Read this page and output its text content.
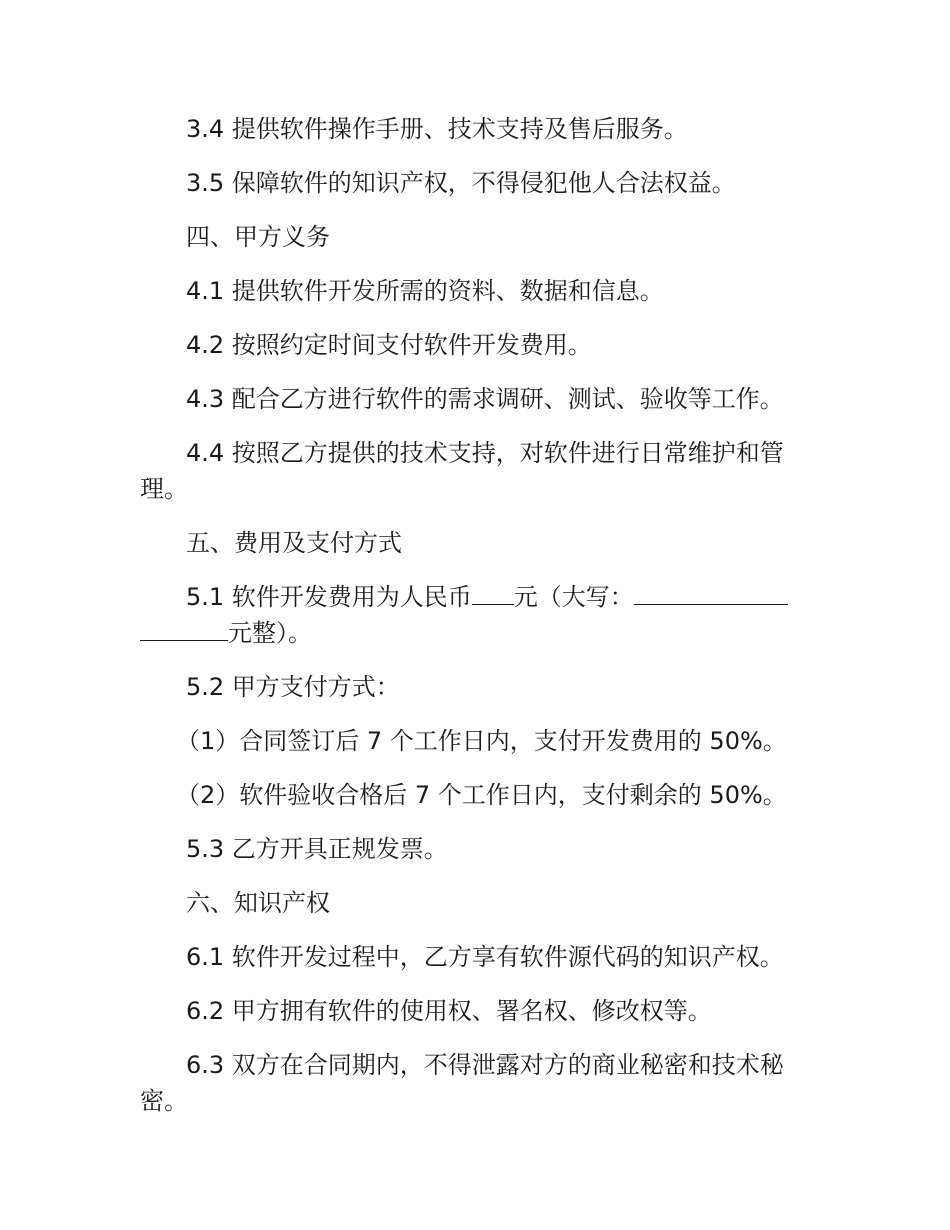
3.4 提供软件操作手册、技术支持及售后服务。

3.5 保障软件的知识产权，不得侵犯他人合法权益。

四、甲方义务

4.1 提供软件开发所需的资料、数据和信息。

4.2 按照约定时间支付软件开发费用。

4.3 配合乙方进行软件的需求调研、测试、验收等工作。

4.4 按照乙方提供的技术支持，对软件进行日常维护和管

理。

五、费用及支付方式

5.1 软件开发费用为人民币 元（大写：
元整）。

5.2 甲方支付方式：

（1）合同签订后 7 个工作日内，支付开发费用的 50%。

（2）软件验收合格后 7 个工作日内，支付剩余的 50%。

5.3 乙方开具正规发票。

六、知识产权

6.1 软件开发过程中，乙方享有软件源代码的知识产权。

6.2 甲方拥有软件的使用权、署名权、修改权等。

6.3 双方在合同期内，不得泄露对方的商业秘密和技术秘

密。
